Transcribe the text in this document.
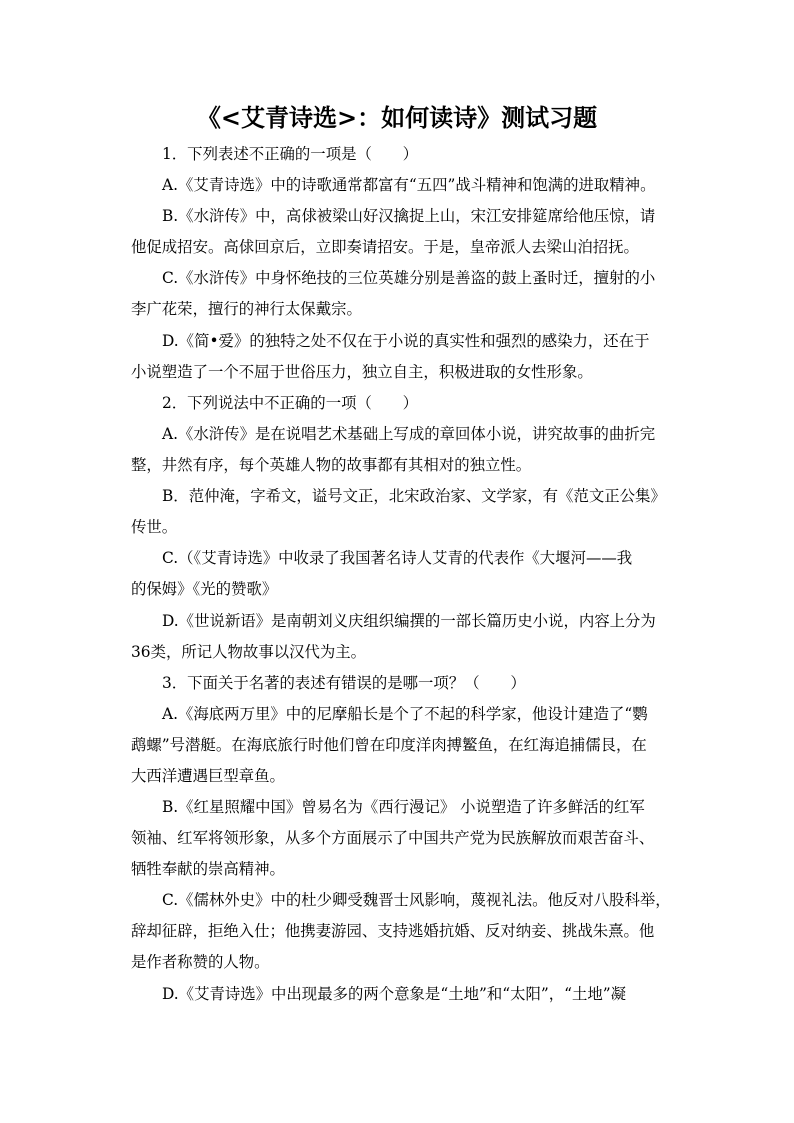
《<艾青诗选>：如何读诗》测试习题
1．下列表述不正确的一项是（　　）
A.《艾青诗选》中的诗歌通常都富有“五四”战斗精神和饱满的进取精神。
B.《水浒传》中，高俅被梁山好汉擒捉上山，宋江安排筵席给他压惊，请
他促成招安。高俅回京后，立即奏请招安。于是，皇帝派人去梁山泊招抚。
C.《水浒传》中身怀绝技的三位英雄分别是善盗的鼓上蚤时迁，擅射的小
李广花荣，擅行的神行太保戴宗。
D.《简•爱》的独特之处不仅在于小说的真实性和强烈的感染力，还在于
小说塑造了一个不屈于世俗压力，独立自主，积极进取的女性形象。
2．下列说法中不正确的一项（　　）
A.《水浒传》是在说唱艺术基础上写成的章回体小说，讲究故事的曲折完
整，井然有序，每个英雄人物的故事都有其相对的独立性。
B．范仲淹，字希文，谥号文正，北宋政治家、文学家，有《范文正公集》
传世。
C.（《艾青诗选》中收录了我国著名诗人艾青的代表作《大堰河——我
的保姆》《光的赞歌》
D.《世说新语》是南朝刘义庆组织编撰的一部长篇历史小说，内容上分为
36类，所记人物故事以汉代为主。
3．下面关于名著的表述有错误的是哪一项？（　　）
A.《海底两万里》中的尼摩船长是个了不起的科学家，他设计建造了“鹦
鹉螺”号潜艇。在海底旅行时他们曾在印度洋肉搏鳘鱼，在红海追捕儒艮，在
大西洋遭遇巨型章鱼。
B.《红星照耀中国》曾易名为《西行漫记》 小说塑造了许多鲜活的红军
领袖、红军将领形象，从多个方面展示了中国共产党为民族解放而艰苦奋斗、
牺牲奉献的崇高精神。
C.《儒林外史》中的杜少卿受魏晋士风影响，蔑视礼法。他反对八股科举，
辞却征辟，拒绝入仕；他携妻游园、支持逃婚抗婚、反对纳妾、挑战朱熹。他
是作者称赞的人物。
D.《艾青诗选》中出现最多的两个意象是“土地”和“太阳”，“土地”凝
